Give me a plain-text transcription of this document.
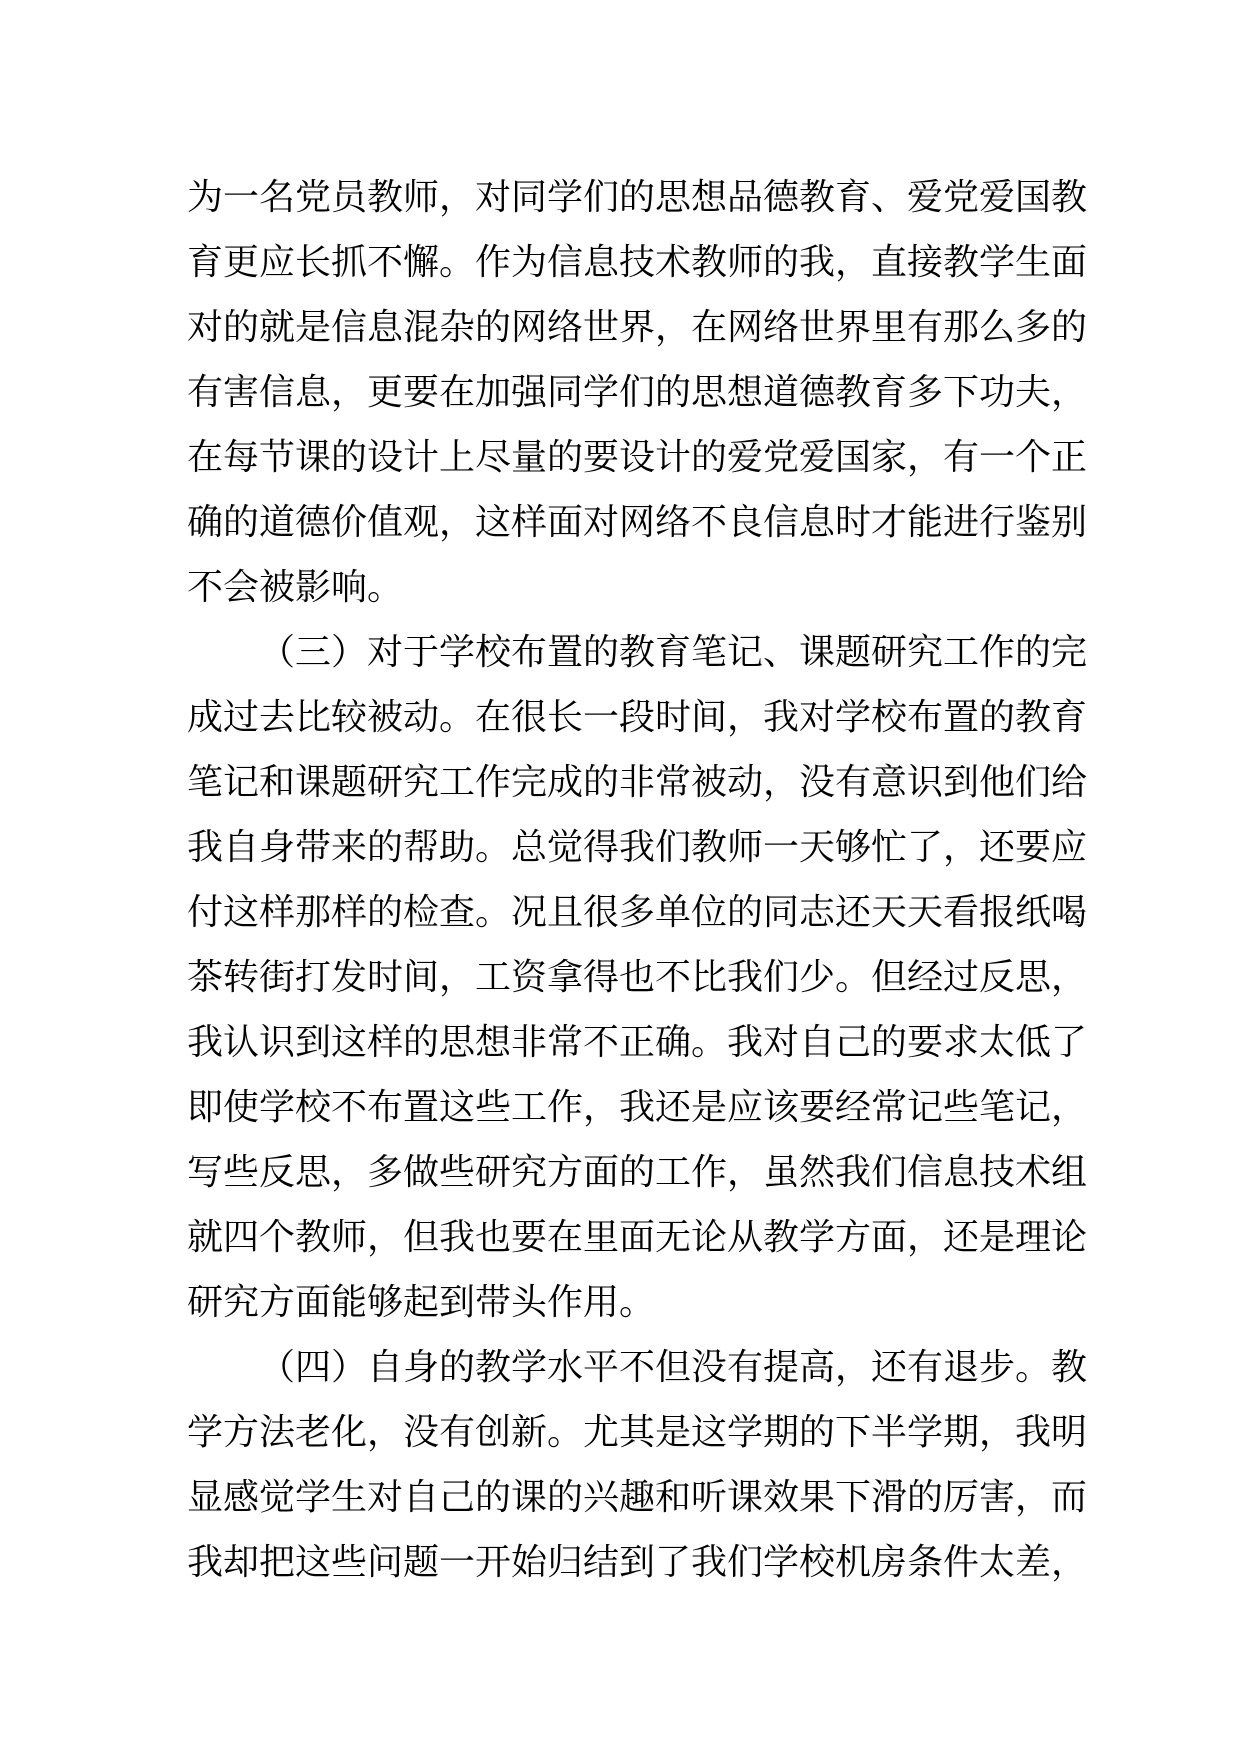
为一名党员教师，对同学们的思想品德教育、爱党爱国教
育更应长抓不懈。作为信息技术教师的我，直接教学生面
对的就是信息混杂的网络世界，在网络世界里有那么多的
有害信息，更要在加强同学们的思想道德教育多下功夫，
在每节课的设计上尽量的要设计的爱党爱国家，有一个正
确的道德价值观，这样面对网络不良信息时才能进行鉴别
不会被影响。
（三）对于学校布置的教育笔记、课题研究工作的完
成过去比较被动。在很长一段时间，我对学校布置的教育
笔记和课题研究工作完成的非常被动，没有意识到他们给
我自身带来的帮助。总觉得我们教师一天够忙了，还要应
付这样那样的检查。况且很多单位的同志还天天看报纸喝
茶转街打发时间，工资拿得也不比我们少。但经过反思，
我认识到这样的思想非常不正确。我对自己的要求太低了
即使学校不布置这些工作，我还是应该要经常记些笔记，
写些反思，多做些研究方面的工作，虽然我们信息技术组
就四个教师，但我也要在里面无论从教学方面，还是理论
研究方面能够起到带头作用。
（四）自身的教学水平不但没有提高，还有退步。教
学方法老化，没有创新。尤其是这学期的下半学期，我明
显感觉学生对自己的课的兴趣和听课效果下滑的厉害，而
我却把这些问题一开始归结到了我们学校机房条件太差，
